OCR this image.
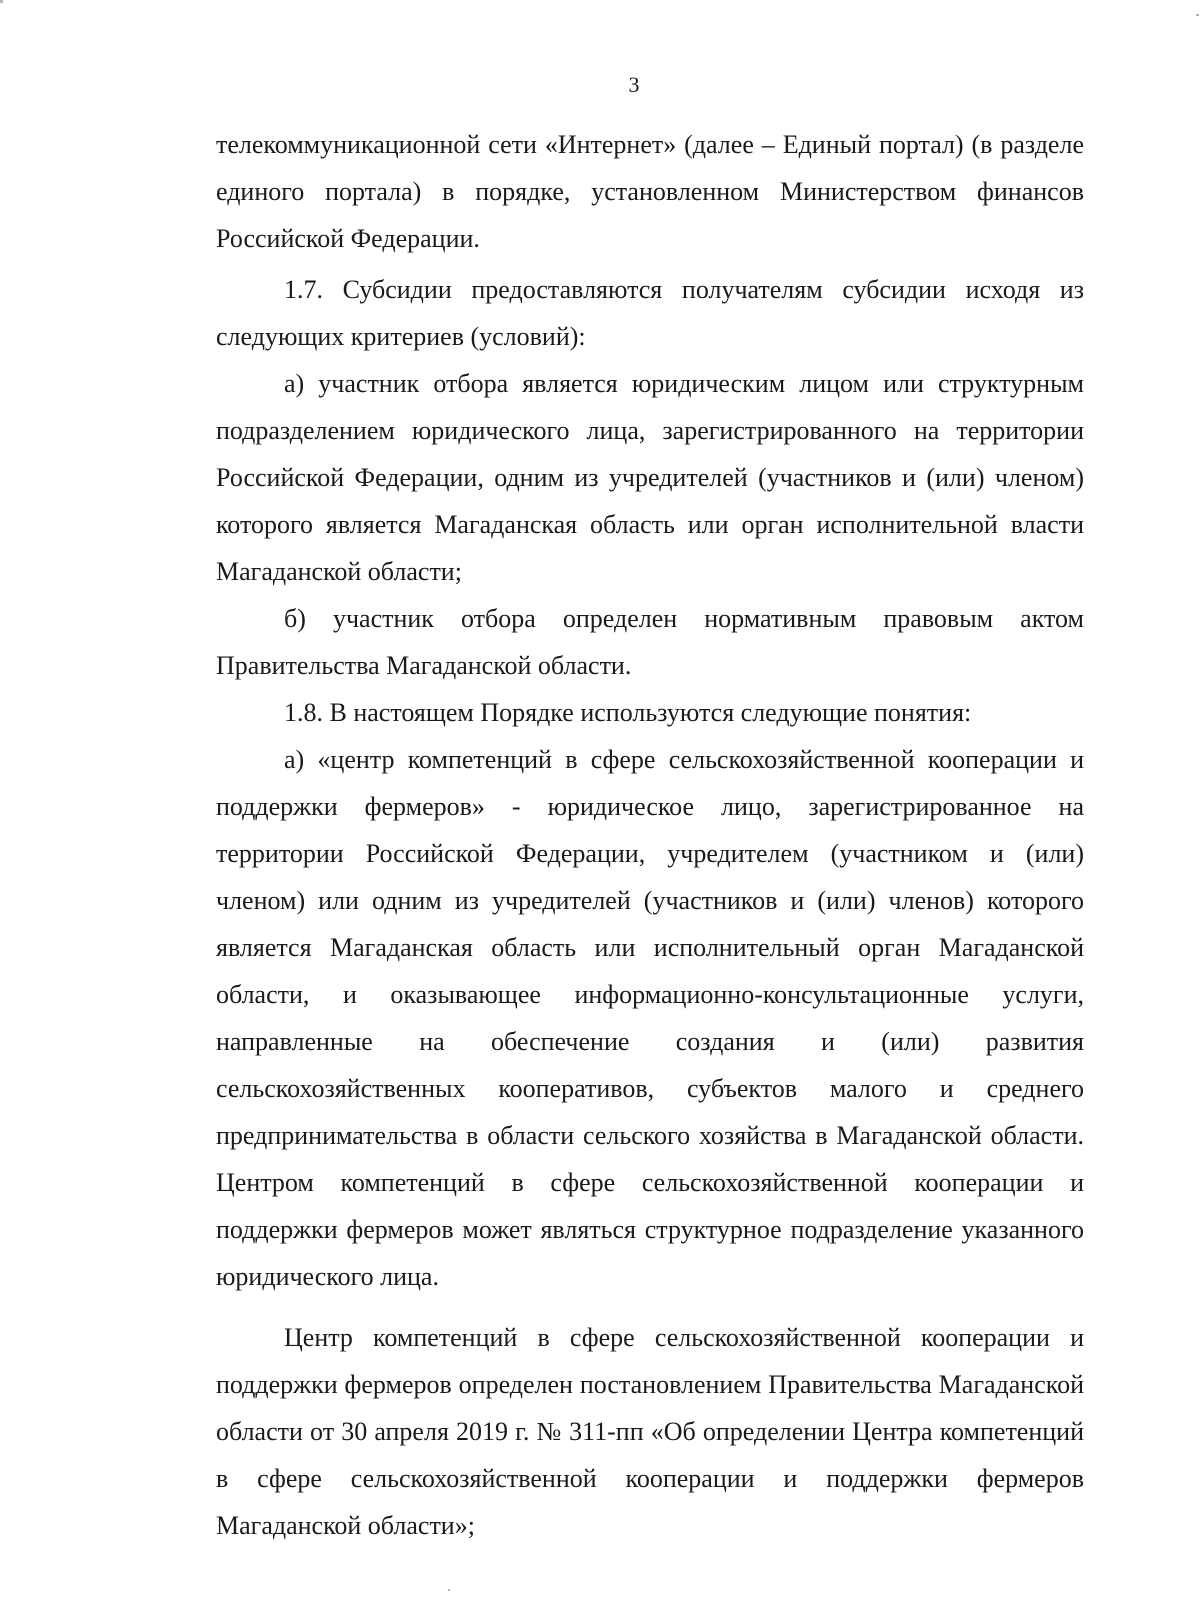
3

телекоммуникационной сети «Интернет» (далее – Единый портал) (в разделе единого портала) в порядке, установленном Министерством финансов Российской Федерации.

1.7. Субсидии предоставляются получателям субсидии исходя из следующих критериев (условий):

а) участник отбора является юридическим лицом или структурным подразделением юридического лица, зарегистрированного на территории Российской Федерации, одним из учредителей (участников и (или) членом) которого является Магаданская область или орган исполнительной власти Магаданской области;

б) участник отбора определен нормативным правовым актом Правительства Магаданской области.

1.8. В настоящем Порядке используются следующие понятия:

а) «центр компетенций в сфере сельскохозяйственной кооперации и поддержки фермеров» - юридическое лицо, зарегистрированное на территории Российской Федерации, учредителем (участником и (или) членом) или одним из учредителей (участников и (или) членов) которого является Магаданская область или исполнительный орган Магаданской области, и оказывающее информационно-консультационные услуги, направленные на обеспечение создания и (или) развития сельскохозяйственных кооперативов, субъектов малого и среднего предпринимательства в области сельского хозяйства в Магаданской области. Центром компетенций в сфере сельскохозяйственной кооперации и поддержки фермеров может являться структурное подразделение указанного юридического лица.

Центр компетенций в сфере сельскохозяйственной кооперации и поддержки фермеров определен постановлением Правительства Магаданской области от 30 апреля 2019 г. № 311-пп «Об определении Центра компетенций в сфере сельскохозяйственной кооперации и поддержки фермеров Магаданской области»;
